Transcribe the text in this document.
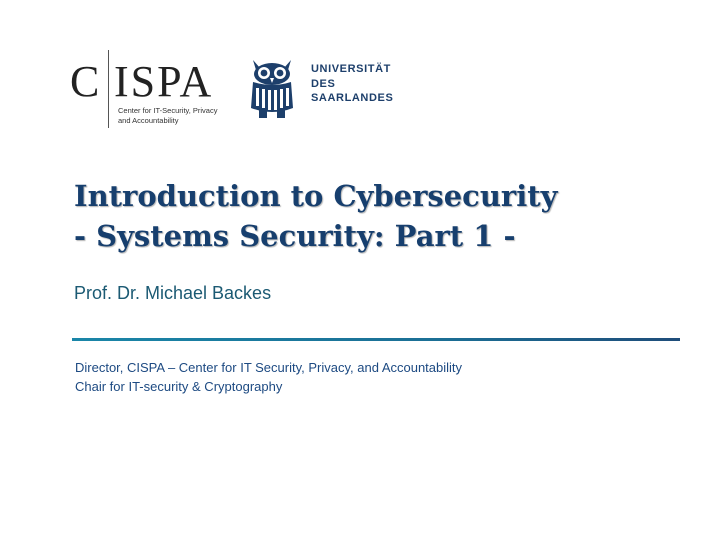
C ISPA
Center for IT-Security, Privacy
and Accountability
UNIVERSITÄT
DES
SAARLANDES
Introduction to Cybersecurity
- Systems Security: Part 1 -
Prof. Dr. Michael Backes
Director, CISPA – Center for IT Security, Privacy, and Accountability
Chair for IT-security & Cryptography
